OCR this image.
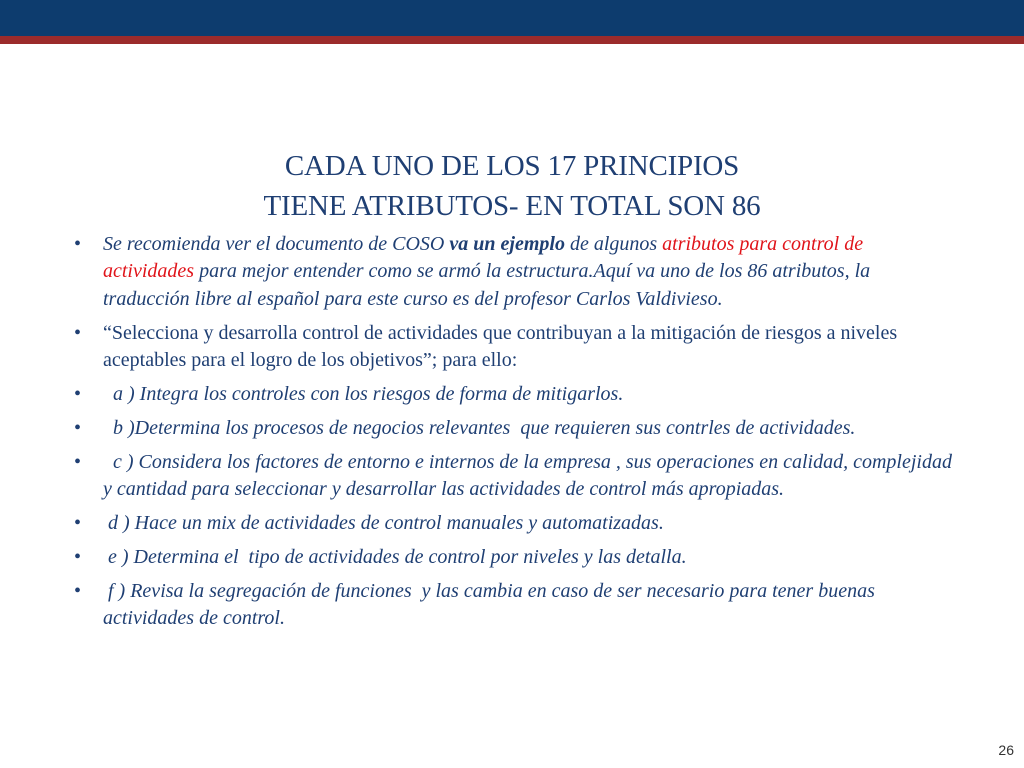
CADA UNO DE LOS 17 PRINCIPIOS
TIENE ATRIBUTOS- EN TOTAL SON 86
• Se recomienda ver el documento de COSO va un ejemplo de algunos atributos para control de actividades para mejor entender como se armó la estructura.Aquí va uno de los 86 atributos, la traducción libre al español para este curso es del profesor Carlos Valdivieso.
• “Selecciona y desarrolla control de actividades que contribuyan a la mitigación de riesgos a niveles aceptables para el logro de los objetivos”; para ello:
•   a ) Integra los controles con los riesgos de forma de mitigarlos.
•   b )Determina los procesos de negocios relevantes  que requieren sus contrles de actividades.
•   c ) Considera los factores de entorno e internos de la empresa , sus operaciones en calidad, complejidad y cantidad para seleccionar y desarrollar las actividades de control más apropiadas.
•  d ) Hace un mix de actividades de control manuales y automatizadas.
•  e ) Determina el  tipo de actividades de control por niveles y las detalla.
•  f ) Revisa la segregación de funciones  y las cambia en caso de ser necesario para tener buenas actividades de control.
26
